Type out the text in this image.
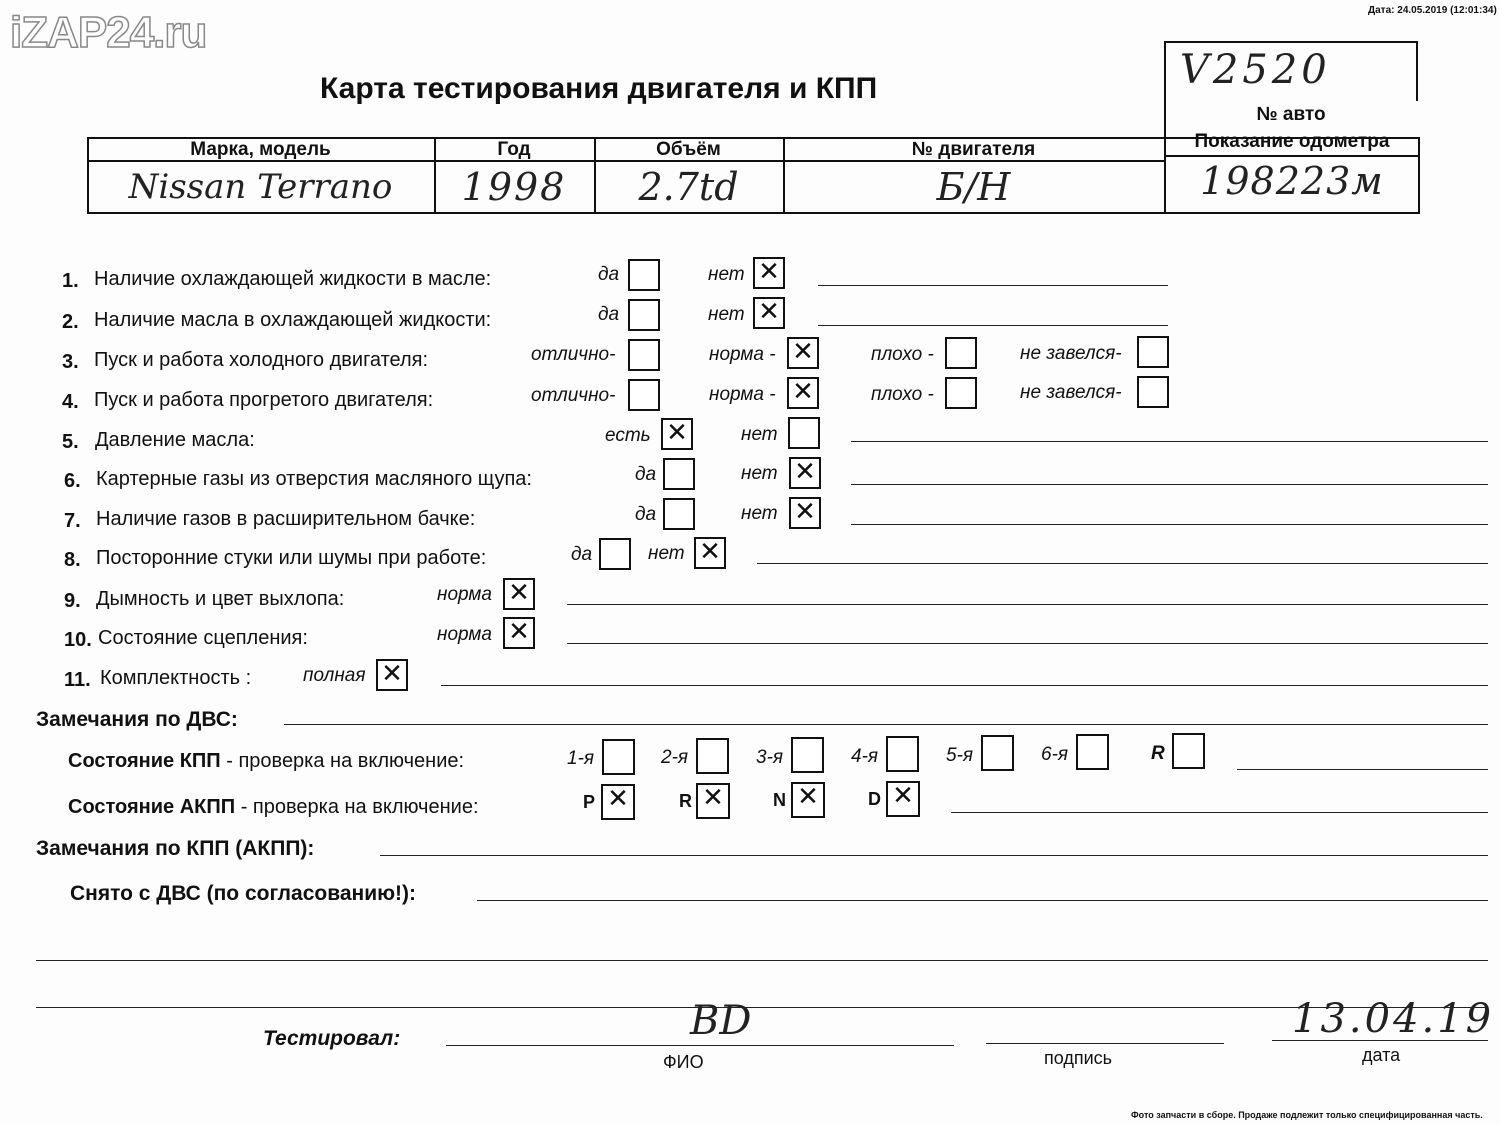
iZAP24.ru	Дата: 24.05.2019 (12:01:34)
Карта тестирования двигателя и КПП	V2520
№ авто
Марка, модель	Год	Объём	№ двигателя	Показание одометра
Nissan Terrano	1998	2.7td	Б/Н	198223м
1. Наличие охлаждающей жидкости в масле:	да	нет ✕
2. Наличие масла в охлаждающей жидкости:	да	нет ✕
3. Пуск и работа холодного двигателя:	отлично-	норма - ✕	плохо -	не завелся-
4. Пуск и работа прогретого двигателя:	отлично-	норма - ✕	плохо -	не завелся-
5. Давление масла:	есть ✕	нет
6. Картерные газы из отверстия масляного щупа:	да	нет ✕
7. Наличие газов в расширительном бачке:	да	нет ✕
8. Посторонние стуки или шумы при работе:	да	нет ✕
9. Дымность и цвет выхлопа:	норма ✕
10. Состояние сцепления:	норма ✕
11. Комплектность :	полная ✕
Замечания по ДВС:
Состояние КПП - проверка на включение:	1-я	2-я	3-я	4-я	5-я	6-я	R
Состояние АКПП - проверка на включение:	P ✕	R ✕	N ✕	D ✕
Замечания по КПП (АКПП):
Снято с ДВС (по согласованию!):
Тестировал:	BD
ФИО	подпись
13.04.19
дата
Фото запчасти в сборе. Продаже подлежит только специфицированная часть.
